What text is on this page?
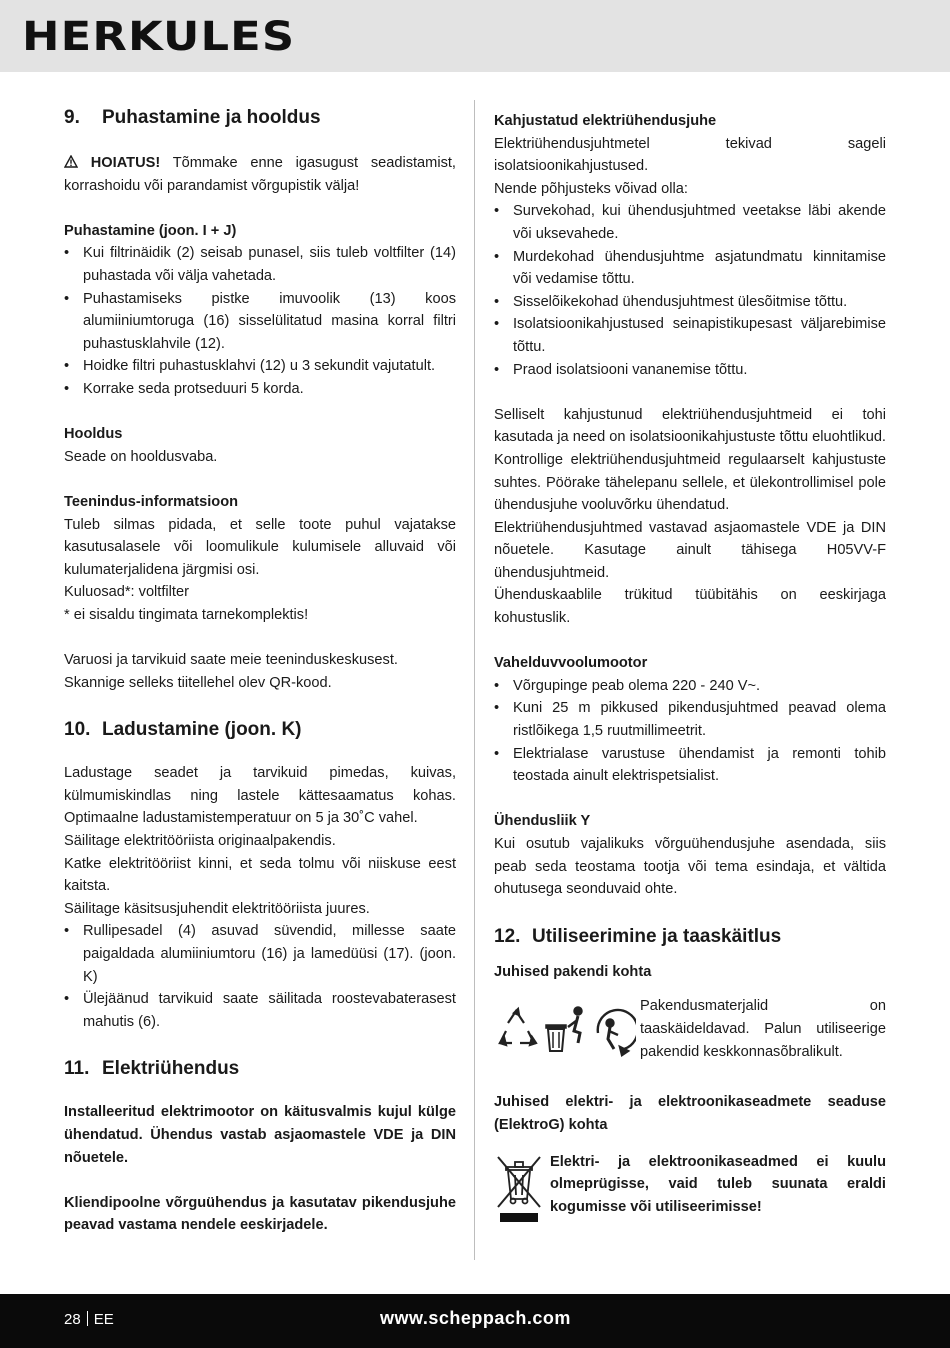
HERKULES
9. Puhastamine ja hooldus

HOIATUS! Tõmmake enne igasugust seadistamist, korrashoidu või parandamist võrgupistik välja!

Puhastamine (joon. I + J)

• Kui filtrinäidik (2) seisab punasel, siis tuleb voltfilter (14) puhastada või välja vahetada.
• Puhastamiseks pistke imuvoolik (13) koos alumiiniumtoruga (16) sisselülitatud masina korral filtri puhastusklahvile (12).
• Hoidke filtri puhastusklahvi (12) u 3 sekundit vajutatult.
• Korrake seda protseduuri 5 korda.

Hooldus

Seade on hooldusvaba.

Teenindus-informatsioon

Tuleb silmas pidada, et selle toote puhul vajatakse kasutusalasele või loomulikule kulumisele alluvaid või kulumaterjalidena järgmisi osi.

Kuluosad*: voltfilter

* ei sisaldu tingimata tarnekomplektis!

Varuosi ja tarvikuid saate meie teeninduskeskusest.

Skannige selleks tiitellehel olev QR-kood.

10. Ladustamine (joon. K)

Ladustage seadet ja tarvikuid pimedas, kuivas, külmumiskindlas ning lastele kättesaamatus kohas. Optimaalne ladustamistemperatuur on 5 ja 30˚C vahel.

Säilitage elektritööriista originaalpakendis.

Katke elektritööriist kinni, et seda tolmu või niiskuse eest kaitsta.

Säilitage käsitsusjuhendit elektritööriista juures.

• Rullipesadel (4) asuvad süvendid, millesse saate paigaldada alumiiniumtoru (16) ja lamedüüsi (17). (joon. K)
• Ülejäänud tarvikuid saate säilitada roostevabaterasest mahutis (6).
11. Elektriühendus

Installeeritud elektrimootor on käitusvalmis kujul külge ühendatud. Ühendus vastab asjaomastele VDE ja DIN nõuetele.

Kliendipoolne võrguühendus ja kasutatav pikendusjuhe peavad vastama nendele eeskirjadele.

Kahjustatud elektriühendusjuhe

Elektriühendusjuhtmetel tekivad sageli isolatsioonikahjustused.

Nende põhjusteks võivad olla:

• Survekohad, kui ühendusjuhtmed veetakse läbi akende või uksevahede.
• Murdekohad ühendusjuhtme asjatundmatu kinnitamise või vedamise tõttu.
• Sisselõikekohad ühendusjuhtmest ülesõitmise tõttu.
• Isolatsioonikahjustused seinapistikupesast väljarebimise tõttu.
• Praod isolatsiooni vananemise tõttu.

Selliselt kahjustunud elektriühendusjuhtmeid ei tohi kasutada ja need on isolatsioonikahjustuste tõttu eluohtlikud. Kontrollige elektriühendusjuhtmeid regulaarselt kahjustuste suhtes. Pöörake tähelepanu sellele, et ülekontrollimisel pole ühendusjuhe vooluvõrku ühendatud.

Elektriühendusjuhtmed vastavad asjaomastele VDE ja DIN nõuetele. Kasutage ainult tähisega H05VV-F ühendusjuhtmeid.

Ühenduskaablile trükitud tüübitähis on eeskirjaga kohustuslik.

Vahelduvvoolumootor

• Võrgupinge peab olema 220 - 240 V~.
• Kuni 25 m pikkused pikendusjuhtmed peavad olema ristlõikega 1,5 ruutmillimeetrit.
• Elektrialase varustuse ühendamist ja remonti tohib teostada ainult elektrispetsialist.

Ühendusliik Y

Kui osutub vajalikuks võrguühendusjuhe asendada, siis peab seda teostama tootja või tema esindaja, et vältida ohutusega seonduvaid ohte.

12. Utiliseerimine ja taaskäitlus

Juhised pakendi kohta

Pakendusmaterjalid on taaskäideldavad. Palun utiliseerige pakendid keskkonnasõbralikult.

Juhised elektri- ja elektroonikaseadmete seaduse (ElektroG) kohta

Elektri- ja elektroonikaseadmed ei kuulu olmeprügisse, vaid tuleb suunata eraldi kogumisse või utiliseerimisse!

28 EE	www.scheppach.com
